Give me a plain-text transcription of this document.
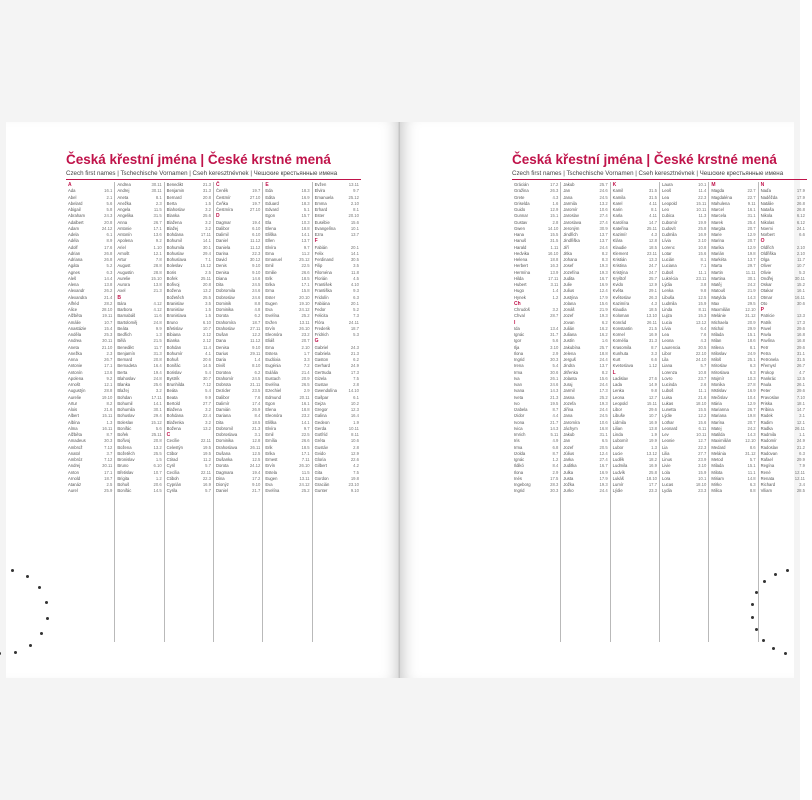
Česká křestní jména | České krstné mená
Czech first names | Tschechische Vornamen | Cseh keresztnévnek | Чешские крестьянные имена
A
Ada	16.1
Abel	2.1
Abelard	5.6
Abigail	5.8
Abraham	24.3
Adalbert	20.8
Adam	24.12
Adela	6.1
Adéla	8.9
Adolf	17.6
Adrian	26.8
Adriana	26.8
Agáta	5.2
Agnes	6.3
Aleš	14.4
Alena	13.8
Alexandr	26.2
Alexandra	21.4
Alfréd	28.2
Alice	28.10
Alžběta	19.11
Amálie	10.7
Anastázie	15.4
Anděla	25.3
Andrea	30.11
Aneta	21.10
Anežka	2.3
Anna	26.7
Antonie	17.1
Antonín	13.6
Apolena	9.2
Arnošt	12.1
Augustýn	28.8
Aurelie	19.10
Artur	8.2
Alois	21.6
Albert	15.11
Albína	1.3
Alma	16.11
Alžběta	8.7
Amadeus	30.3
Ambrož	7.12
Anatol	3.7
Ambróz	7.12
Andrej	30.11
Anton	17.1
Arnold	18.7
Atanáz	2.5
Aurel	25.9
Andrea	30.11
Andrej	30.11
Aneta	8.1
Anežka	2.3
Angela	11.5
Angelika	31.5
Anna	26.7
Antonie	17.1
Antonín	13.6
Apolena	9.2
Ariel	1.10
Arnošt	12.1
Artur	7.8
August	28.8
Augustin	28.8
Aurelie	15.10
Aurora	13.8
Axel	21.3
B
Bára	4.12
Barbora	4.12
Barnabáš	11.6
Bartoloměj	24.8
Beáta	9.9
Bedřich	1.3
Bělá	21.5
Benedikt	11.7
Benjamín	31.3
Bernard	20.8
Bernadeta	16.4
Berta	19.4
Blahoslav	24.8
Blanka	25.6
Blažej	3.2
Bohdan	17.11
Bohumil	14.1
Bohumila	30.1
Bohuslav	29.4
Boleslav	15.12
Bonifác	5.6
Bořek	25.11
Bořivoj	20.8
Božena	13.2
Božetěch	25.5
Bronislav	1.5
Bruno	6.10
Břetislav	10.7
Brigita	1.2
Bohuš	20.6
Bonifác	14.5
Benedikt	21.3
Benjamin	31.3
Bernard	20.8
Berta	1.5
Blahoslav	3.2
Blanka	25.6
Blažena	3.2
Blažej	3.2
Bohdana	17.11
Bohumil	14.1
Bohumila	30.1
Bohuslav	29.4
Bohuslava	7.1
Boleslav	15.12
Boris	2.5
Bořek	25.11
Bořivoj	20.8
Božena	13.2
Božetěch	25.5
Branislav	3.5
Bronislav	1.5
Bronislava	1.5
Bruno	6.10
Břetislav	10.7
Bibiana	2.12
Bianka	2.12
Bohdan	11.4
Bohumír	4.1
Bohuš	20.6
Bonifác	14.5
Borislav	5.4
Bystrík	30.7
Brunhilda	7.12
Beáta	5.4
Beata	9.9
Bertold	27.7
Blažena	3.2
Bohdana	22.4
Blaženka	3.2
Božena	13.2
C
Cecílie	22.11
Celestýn	19.5
Ctibor	19.5
Ctirad	11.2
Cyril	5.7
Cecília	22.11
Ctiboh	22.3
Cyprián	16.9
Cyrila	5.7
Č
Čeněk	19.7
Čestmír	27.10
Čeňka	19.7
Čestmíra	27.10
D
Dagmar	19.4
Dalibor	6.10
Dalimil	6.10
Daniel	11.12
Daniela	11.12
Darina	22.3
David	30.12
Denis	9.10
Denisa	9.10
Diana	14.6
Dita	24.5
Dobromila	24.6
Dobroslav	24.6
Dominik	8.8
Dominika	4.8
Dorota	6.2
Drahomíra	18.7
Drahoslav	27.11
Dušan	12.2
Dana	11.12
Denisa	9.10
Darius	29.11
Daria	1.4
Diviš	8.10
Dorotea	6.2
Drahomír	24.5
Dobrota	21.11
Dezider	23.5
Dalibor	7.6
Dalimír	17.4
Damián	26.9
Dariana	8.4
Dita	18.5
Dobromil	21.3
Dobroslava	3.1
Dominika	12.8
Drahoslava	26.11
Dušana	12.5
Dušanka	12.5
Dorota	24.12
Dagmara	19.4
Dina	17.2
Dionýz	9.10
Daniel	21.7
E
Eda	18.3
Edita	16.9
Eduard	18.3
Edvard	5.1
Egon	15.7
Ela	10.3
Elena	18.8
Eliška	14.1
Ellen	13.7
Elvíra	9.7
Ema	11.2
Emanuel	25.12
Emil	22.5
Emilie	26.6
Erik	18.5
Erika	17.1
Erna	15.8
Ester	20.10
Eugen	19.10
Eva	24.12
Evelína	25.2
Evžen	13.11
Ervín	26.10
Eleonóra	23.2
Eliáš	20.7
Ema	2.10
Estera	1.7
Eudóxia	3.3
Eugénia	7.2
Eulália	21.4
Eustach	20.9
Evelína	26.5
Ezechiel	2.9
Edmund	20.11
Egon	16.1
Elena	18.8
Eleonóra	23.2
Eliška	14.1
Elvíra	9.7
Emil	22.5
Emília	26.6
Erik	18.5
Erika	17.1
Ernest	7.11
Ervín	26.10
Estela	11.5
Eugen	13.11
Eva	24.12
Evelína	25.2
Evžen	13.11
Elvira	9.7
Emanuela	25.12
Emma	2.10
Erhard	8.1
Ester	20.10
Eusébie	15.6
Evangelína	10.1
Ezra	13.7
F
Fabián	20.1
Felix	14.1
Ferdinand	30.5
Filip	3.5
Filoména	11.8
Florián	4.5
František	4.10
Františka	9.3
Fridolín	6.3
Fabiána	20.1
Fedor	5.2
Felicita	7.3
Flóra	24.11
Frederik	18.7
Fridrich	5.3
G
Gabriel	24.3
Gabriela	21.3
Gaston	6.2
Gerhard	24.9
Gertruda	17.3
Gizela	7.5
Gustav	2.8
Gwendolína	14.10
Gašpar	6.1
Gejza	10.2
Gregor	12.3
Galina	16.4
Gedeon	1.9
Gerda	10.11
Gotfríd	8.11
Gréta	10.6
Gustáv	2.8
Gvido	12.9
Gloria	22.6
Gilbert	4.2
Gita	7.5
Gordon	19.8
Gracián	23.10
Gunter	9.10
Česká křestní jména | České krstné mená
Czech first names | Tschechische Vornamen | Cseh keresztnévnek | Чешские крестьянные имена
Grácián	17.2
Gražina	26.3
Grete	4.3
Griselda	1.6
Guido	12.9
Gunnar	15.1
Gustav	2.8
Gwen	14.10
Hana	15.5
Hanuš	31.5
Harald	1.11
Hedvika	16.10
Helena	18.8
Herbert	16.3
Hermína	13.9
Hilda	17.11
Hubert	3.11
Hugo	1.4
Hynek	1.2
Ch
Chrudoš	3.2
Chval	28.7
I
Ida	13.4
Ignác	31.7
Igor	5.6
Ilja	3.10
Ilona	2.9
Ingrid	30.3
Irena	5.4
Irma	30.6
Iva	26.1
Ivan	24.6
Ivana	14.3
Iveta	21.3
Ivo	19.5
Izabela	8.7
Izidor	4.4
Ivona	21.7
Ivica	14.3
Imrich	5.11
Iris	4.9
Irma	6.8
Izolda	8.7
Ignác	1.2
Ildikó	8.4
Ilona	2.9
Inés	17.5
Ingeborg	28.3
Ingrid	30.3
Jakub	25.7
Jan	24.6
Jana	24.5
Jarmila	13.2
Jaromír	10.6
Jaroslav	27.4
Jaroslava	27.4
Jeroným	30.9
Jindřich	13.7
Jindřiška	13.7
Jiří	24.4
Jitka	8.2
Johana	8.3
Josef	19.3
Jozefína	19.3
Judita	16.7
Julie	16.9
Julius	12.4
Justýna	17.9
Jolana	15.6
Jonáš	21.9
Jozef	19.3
Jovan	6.2
Julián	16.2
Juliana	16.2
Justín	1.6
Jakubína	25.7
Jelena	18.8
Jerguš	24.4
Jindra	13.7
Jitřenka	8.2
Jolanta	15.6
Juraj	24.4
Jarmil	17.3
Jasna	25.2
Jozefa	19.3
Jiřina	24.4
Jana	24.5
Jaromíra	10.6
Jáchym	16.8
Jakub	31.1
Jan	6.5
Jozef	20.5
Július	12.4
Jarka	27.4
Juditka	16.7
Julka	16.9
Justa	17.9
Jožka	19.3
Jurko	24.4
K
Kamil	31.5
Kamila	31.5
Karel	4.11
Karin	8.1
Karla	4.11
Karolína	14.7
Kateřina	25.11
Kazimír	4.3
Klára	12.8
Klaudie	18.5
Klement	23.11
Kristián	13.3
Kristina	24.7
Kristýna	24.7
Kryštof	25.7
Kvido	12.9
Květa	29.1
Květoslav	26.3
Kazimíra	4.3
Klaudia	18.5
Koloman	13.10
Konrád	26.11
Konstantin	21.5
Kornel	16.9
Kornélia	31.3
Krasomila	8.7
Kunhuta	3.3
Kurt	6.6
Kvetoslava	1.12
L
Ladislav	27.6
Lada	14.9
Lenka	9.8
Leona	12.7
Leopold	15.11
Libor	29.6
Libuše	10.7
Lidmila	16.9
Lilian	13.8
Linda	1.9
Lubomír	19.9
Lubor	1.3
Lucie	13.12
Luděk	18.2
Ludmila	16.9
Ludvík	25.8
Lukáš	18.10
Lumír	17.7
Lýdie	23.3
Laura	10.1
Leoš	11.4
Lea	22.3
Leopold	15.11
Leo	10.11
Ľubica	11.3
Ľubomír	19.9
Ľudovít	25.8
Ľudmila	16.9
Lívia	3.10
Lorenc	10.8
Lotar	15.6
Lucián	8.1
Luciana	7.1
Ľuboš	11.1
Lukrécia	23.11
Lýdia	3.8
Lenka	9.8
Libuša	12.5
Ludmila	15.9
Linda	8.11
Lujza	15.3
Lucia	13.12
Lívia	6.4
Lea	7.6
Leona	4.3
Laurencia	30.5
Libor	22.10
Lila	24.10
Liana	5.7
Lorenza	10.8
Lovro	23.7
Lucinda	2.6
Luboš	11.1
Luisa	21.6
Lukas	18.10
Lunetta	15.5
Lýdie	12.2
Lothar	15.6
Leonard	6.11
Lev	10.11
Leonie	12.7
Lia	22.3
Lilia	27.7
Linus	23.9
Livie	3.10
Lola	15.9
Lora	10.1
Lucas	18.10
Lydia	23.3
M
Magda	22.7
Magdaléna	22.7
Mahulena	9.11
Marcel	16.1
Marcela	31.1
Marek	25.4
Margita	20.7
Marie	12.9
Marina	20.7
Marika	12.9
Marián	19.8
Markéta	13.7
Marta	29.7
Martin	11.11
Martina	30.1
Matěj	24.2
Matouš	21.9
Matylda	14.3
Max	29.5
Maxmilián	12.10
Melánie	31.12
Michaela	20.9
Michal	29.9
Milada	15.1
Milan	18.6
Milena	8.1
Miloslav	24.9
Miloš	25.1
Miroslav	6.3
Miroslava	6.3
Mojmír	10.3
Monika	27.8
Mstislav	16.9
Mečislav	10.4
Mária	12.9
Marianna	26.7
Mariana	19.8
Marína	20.7
Matej	24.2
Matilda	14.3
Maximilián	12.10
Medard	8.6
Melánia	31.12
Metod	5.7
Milada	15.1
Milota	11.1
Miriam	14.8
Mirko	6.3
Milica	8.8
N
Naďa	17.9
Naděžda	17.9
Natálie	26.8
Nataša	26.8
Nikola	6.12
Nikolas	6.12
Noemi	24.1
Norbert	6.6
O
Oldřich	2.10
Oldřiška	2.10
Olga	11.7
Oliver	10.7
Olivie	5.3
Ondřej	30.11
Oskar	15.2
Otakar	16.1
Otmar	16.11
Oto	30.6
P
Patricie	13.3
Patrik	17.3
Pavel	29.6
Pavla	16.8
Pavlína	16.8
Petr	29.6
Petra	31.1
Petronela	31.5
Přemysl	26.7
Prokop	4.7
Pankrác	12.5
Paula	26.1
Peter	29.6
Pravoslav	7.10
Priska	18.1
Pribina	14.7
Radek	3.1
Radim	12.1
Radka	26.11
Radmila	1.1
Radomír	24.9
Radoslav	21.2
Radovan	6.3
Rafael	29.9
Regína	7.9
René	12.11
Renata	12.11
Richard	3.4
Viliam	28.5
